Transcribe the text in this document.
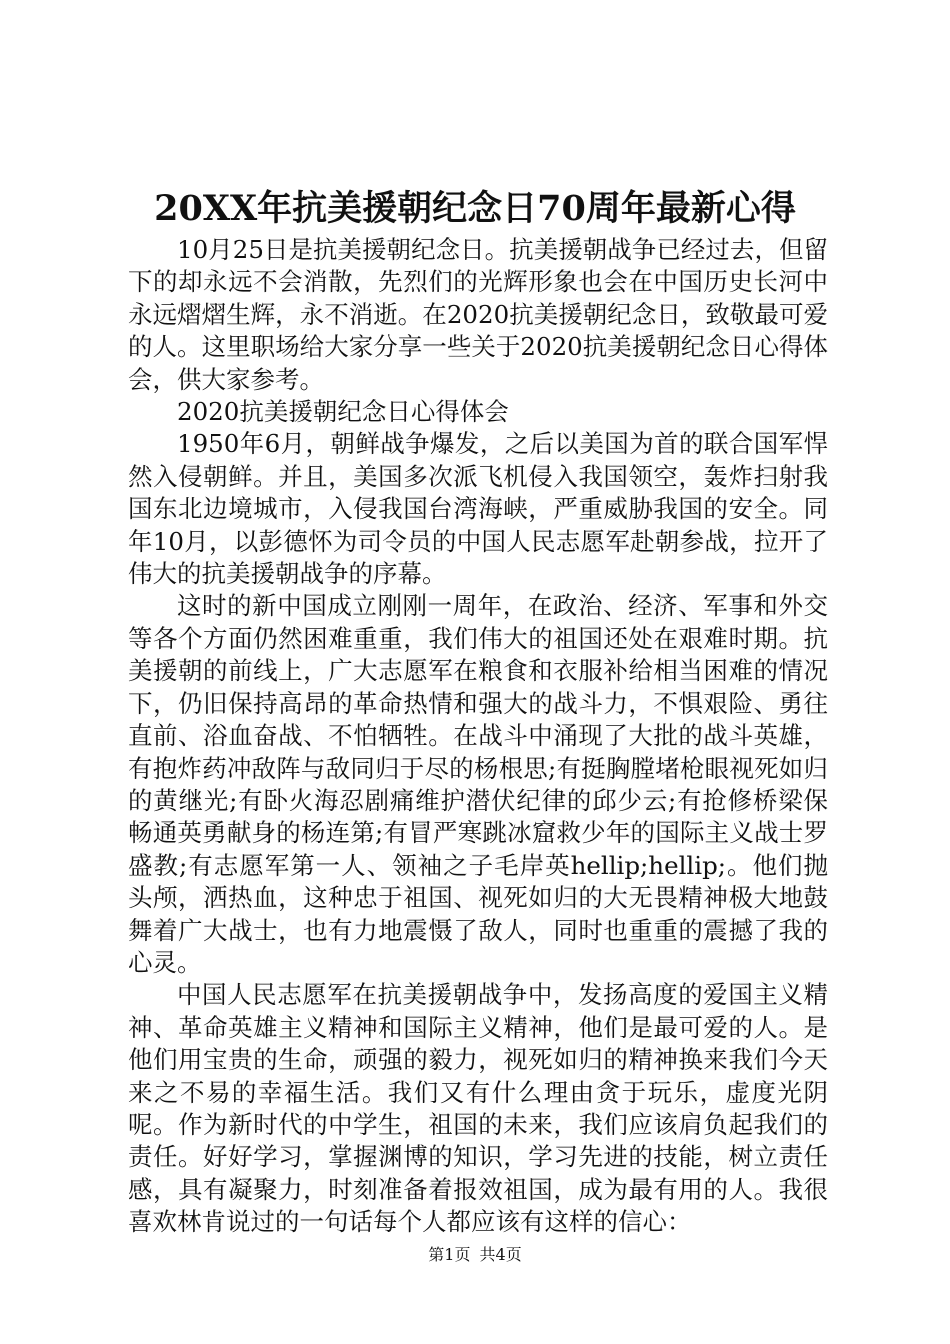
20XX年抗美援朝纪念日70周年最新心得

10月25日是抗美援朝纪念日。抗美援朝战争已经过去，但留下的却永远不会消散，先烈们的光辉形象也会在中国历史长河中永远熠熠生辉，永不消逝。在2020抗美援朝纪念日，致敬最可爱的人。这里职场给大家分享一些关于2020抗美援朝纪念日心得体会，供大家参考。

2020抗美援朝纪念日心得体会

1950年6月，朝鲜战争爆发，之后以美国为首的联合国军悍然入侵朝鲜。并且，美国多次派飞机侵入我国领空，轰炸扫射我国东北边境城市，入侵我国台湾海峡，严重威胁我国的安全。同年10月，以彭德怀为司令员的中国人民志愿军赴朝参战，拉开了伟大的抗美援朝战争的序幕。

这时的新中国成立刚刚一周年，在政治、经济、军事和外交等各个方面仍然困难重重，我们伟大的祖国还处在艰难时期。抗美援朝的前线上，广大志愿军在粮食和衣服补给相当困难的情况下，仍旧保持高昂的革命热情和强大的战斗力，不惧艰险、勇往直前、浴血奋战、不怕牺牲。在战斗中涌现了大批的战斗英雄，有抱炸药冲敌阵与敌同归于尽的杨根思;有挺胸膛堵枪眼视死如归的黄继光;有卧火海忍剧痛维护潜伏纪律的邱少云;有抢修桥梁保畅通英勇献身的杨连第;有冒严寒跳冰窟救少年的国际主义战士罗盛教;有志愿军第一人、领袖之子毛岸英hellip;hellip;。他们抛头颅，洒热血，这种忠于祖国、视死如归的大无畏精神极大地鼓舞着广大战士，也有力地震慑了敌人，同时也重重的震撼了我的心灵。

中国人民志愿军在抗美援朝战争中，发扬高度的爱国主义精神、革命英雄主义精神和国际主义精神，他们是最可爱的人。是他们用宝贵的生命，顽强的毅力，视死如归的精神换来我们今天来之不易的幸福生活。我们又有什么理由贪于玩乐，虚度光阴呢。作为新时代的中学生，祖国的未来，我们应该肩负起我们的责任。好好学习，掌握渊博的知识，学习先进的技能，树立责任感，具有凝聚力，时刻准备着报效祖国，成为最有用的人。我很喜欢林肯说过的一句话每个人都应该有这样的信心：

第1页 共4页
